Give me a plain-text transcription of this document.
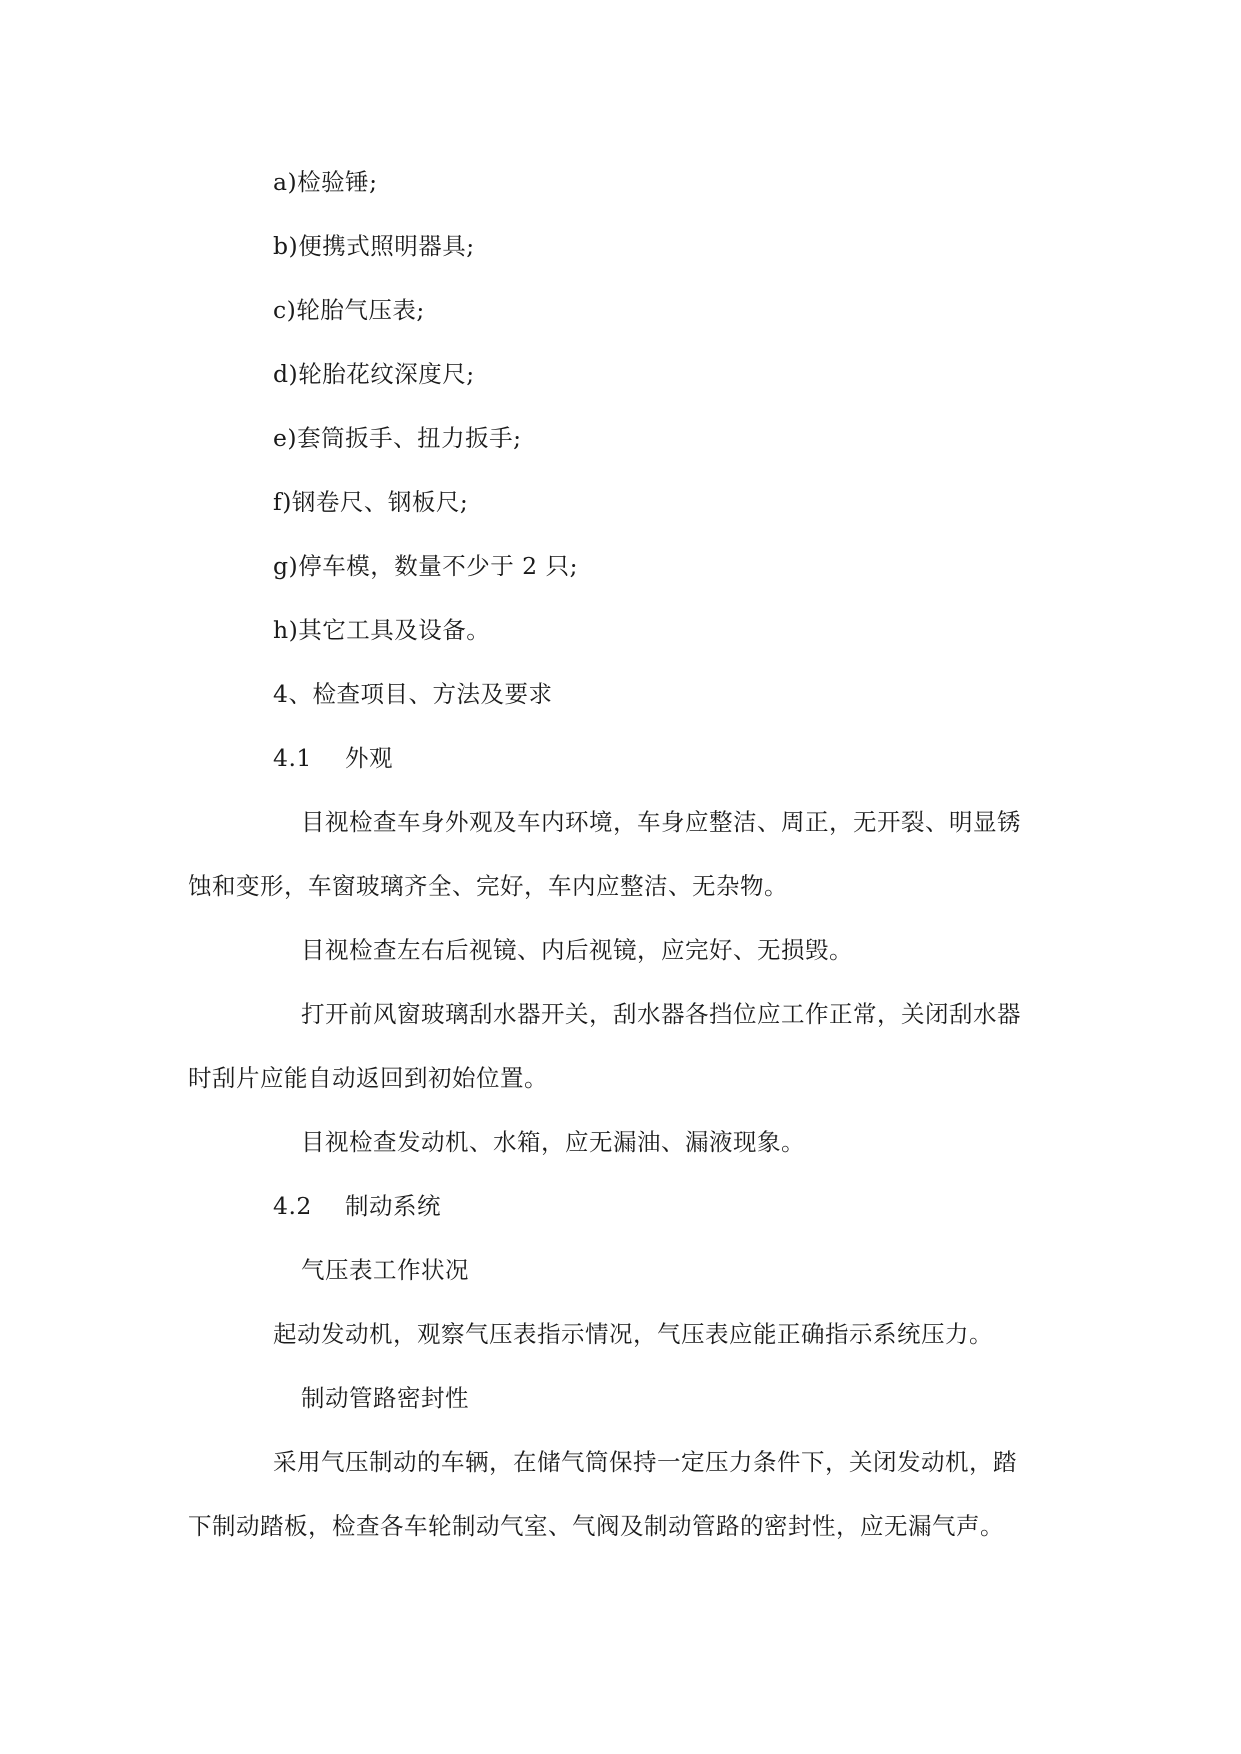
a)检验锤;
b)便携式照明器具;
c)轮胎气压表;
d)轮胎花纹深度尺;
e)套筒扳手、扭力扳手;
f)钢卷尺、钢板尺;
g)停车模，数量不少于 2 只;
h)其它工具及设备。
4、检查项目、方法及要求
4.1 外观
目视检查车身外观及车内环境，车身应整洁、周正，无开裂、明显锈
蚀和变形，车窗玻璃齐全、完好，车内应整洁、无杂物。
目视检查左右后视镜、内后视镜，应完好、无损毁。
打开前风窗玻璃刮水器开关，刮水器各挡位应工作正常，关闭刮水器
时刮片应能自动返回到初始位置。
目视检查发动机、水箱，应无漏油、漏液现象。
4.2 制动系统
气压表工作状况
起动发动机，观察气压表指示情况，气压表应能正确指示系统压力。
制动管路密封性
采用气压制动的车辆，在储气筒保持一定压力条件下，关闭发动机，踏
下制动踏板，检查各车轮制动气室、气阀及制动管路的密封性，应无漏气声。
